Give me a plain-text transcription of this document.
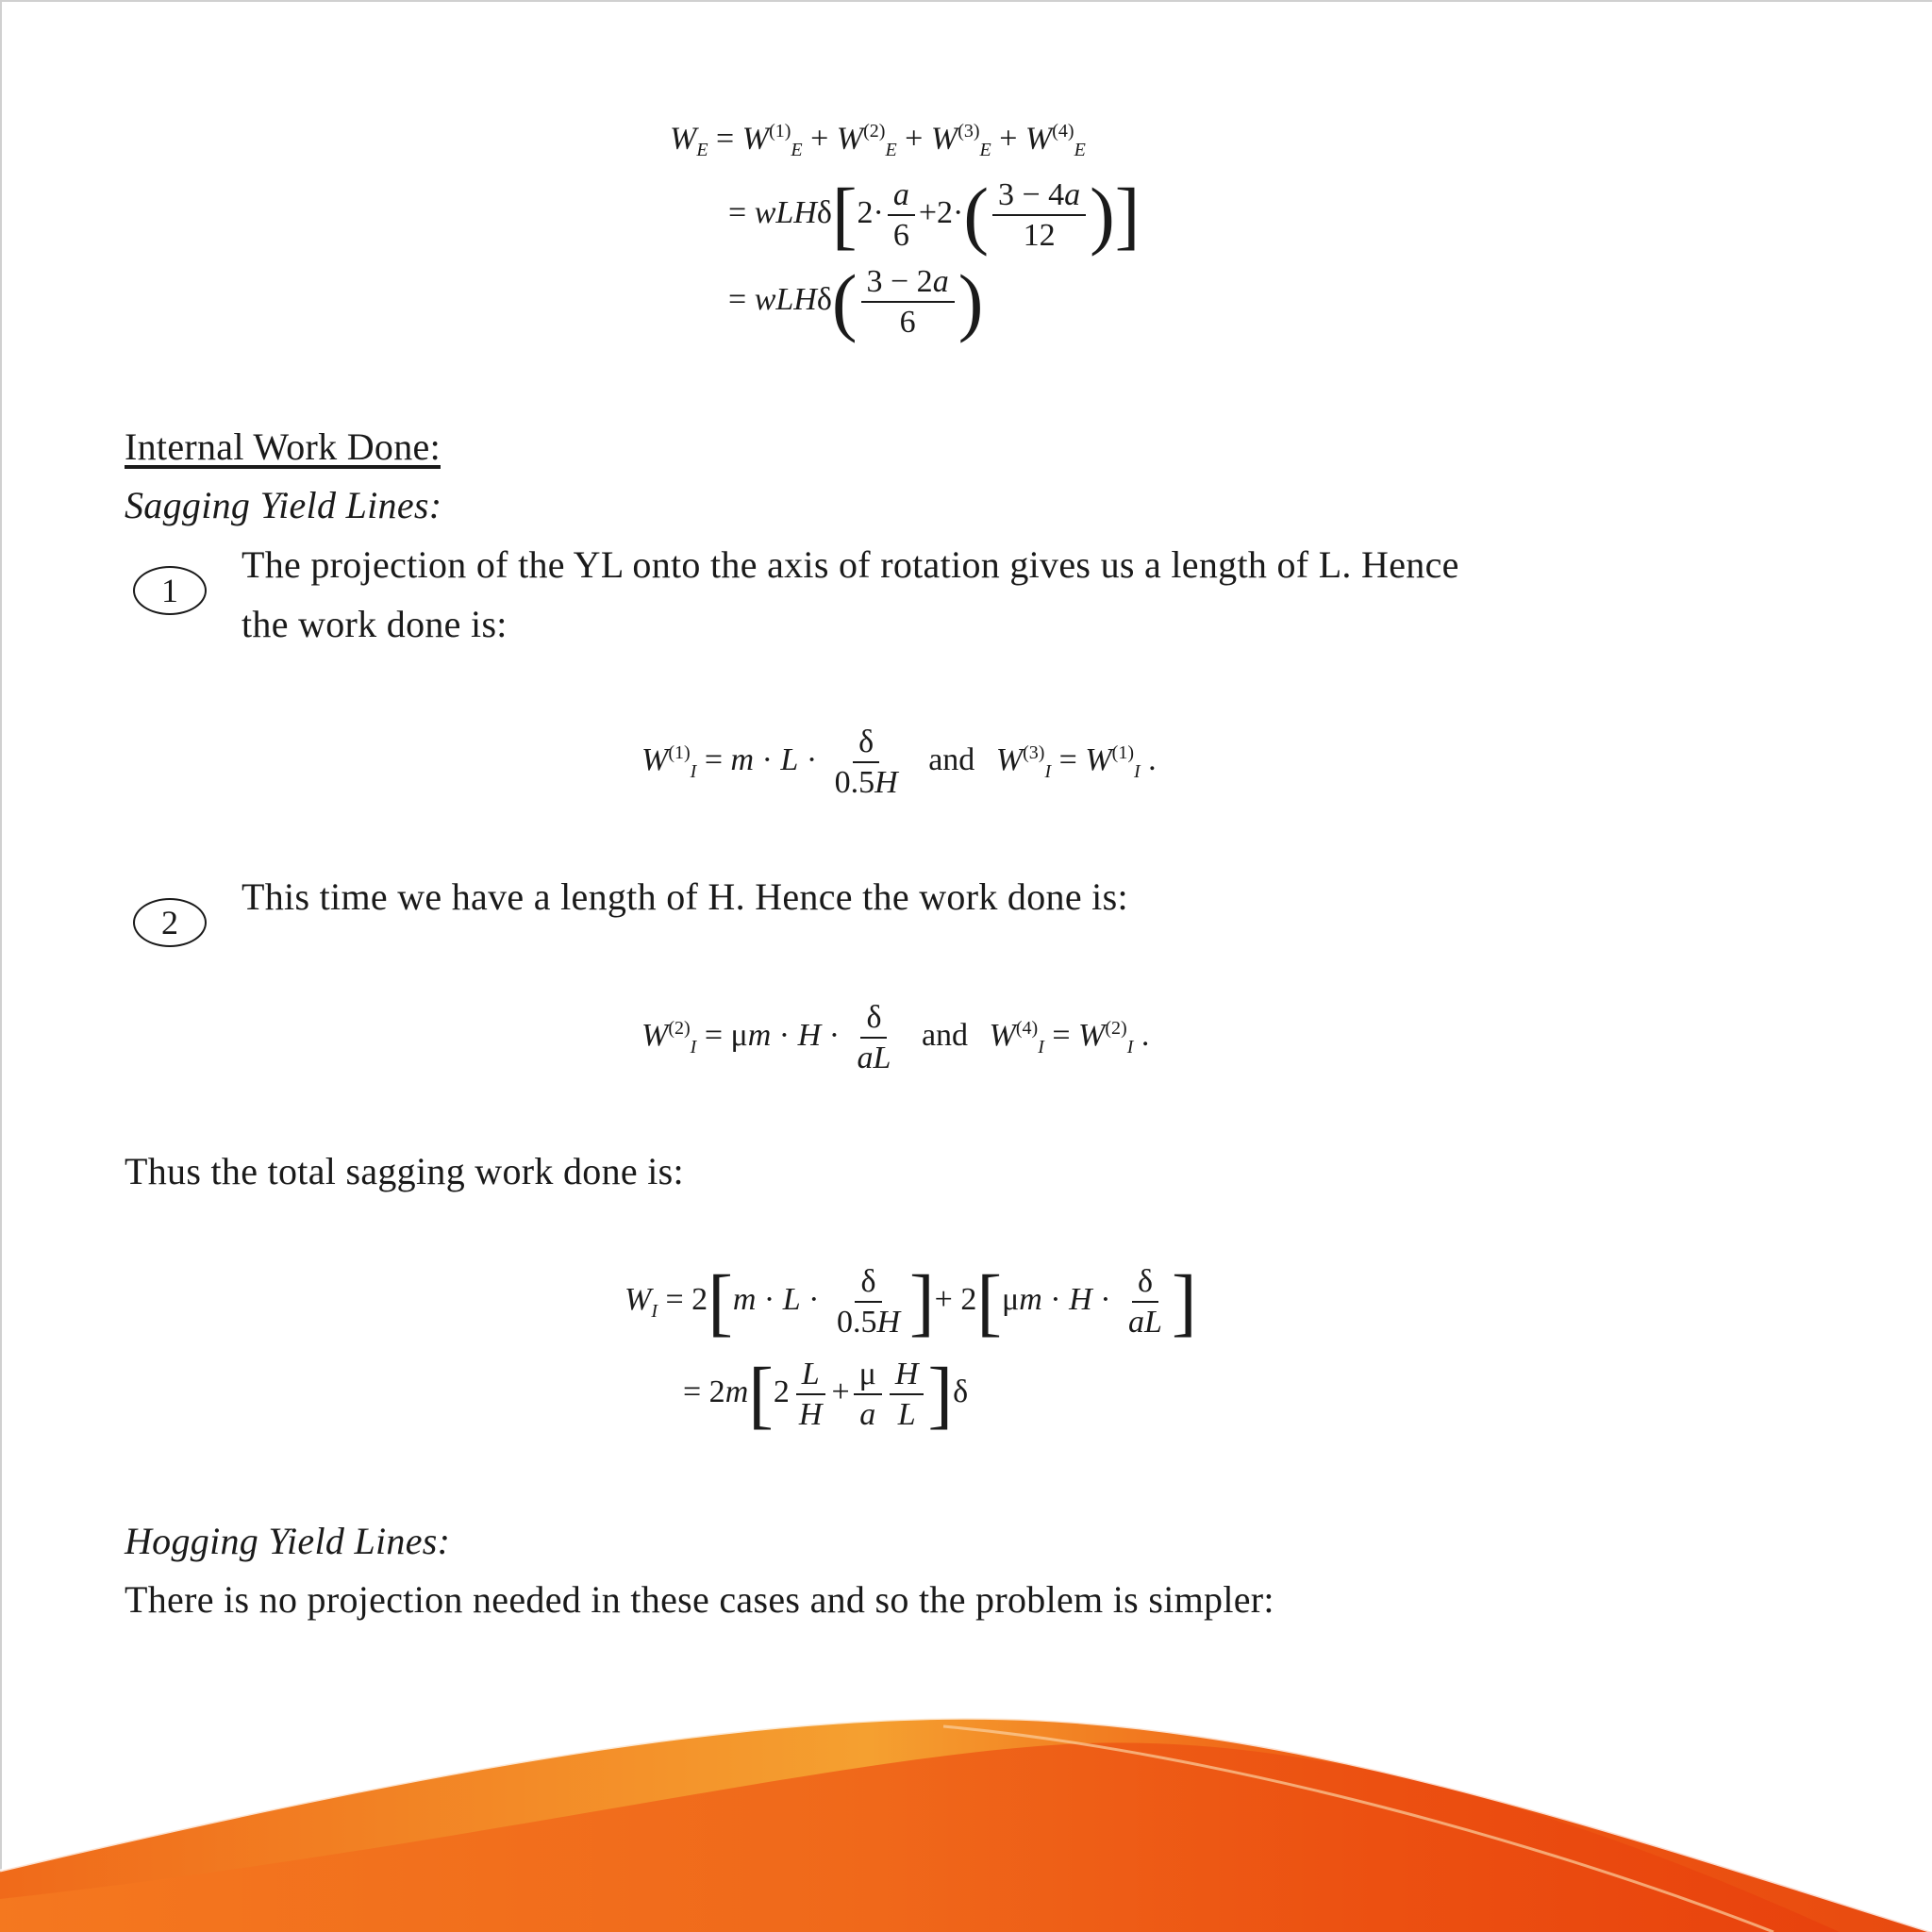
$W_E = W^{(1)}_E + W^{(2)}_E + W^{(3)}_E + W^{(4)}_E$
= $wLH\delta[2\cdot \frac{a}{6} +2\cdot( \frac{3 - 4a}{12}$ )]
= $wLH\delta( \frac{3 - 2a}{6}$ )
Internal Work Done:
Sagging Yield Lines:
1
The projection of the YL onto the axis of rotation gives us a length of L. Hence
the work done is:
$W^{(1)}_I = m \cdot L \cdot \frac{\delta}{0.5H}$ and $W^{(3)}_I = W^{(1)}_I$ .
2
This time we have a length of H. Hence the work done is:
$W^{(2)}_I = \mu m \cdot H \cdot \frac{\delta}{aL}$ and $W^{(4)}_I = W^{(2)}_I$ .
Thus the total sagging work done is:
$W_I = 2[m \cdot L \cdot \frac{\delta}{0.5H}$ ]+ $2[\mu m \cdot H \cdot \frac{\delta}{aL}$ ]
= $2m[2 \frac{L}{H} + \frac{\mu}{a} \frac{H}{L} ]\delta$
Hogging Yield Lines:
There is no projection needed in these cases and so the problem is simpler:
